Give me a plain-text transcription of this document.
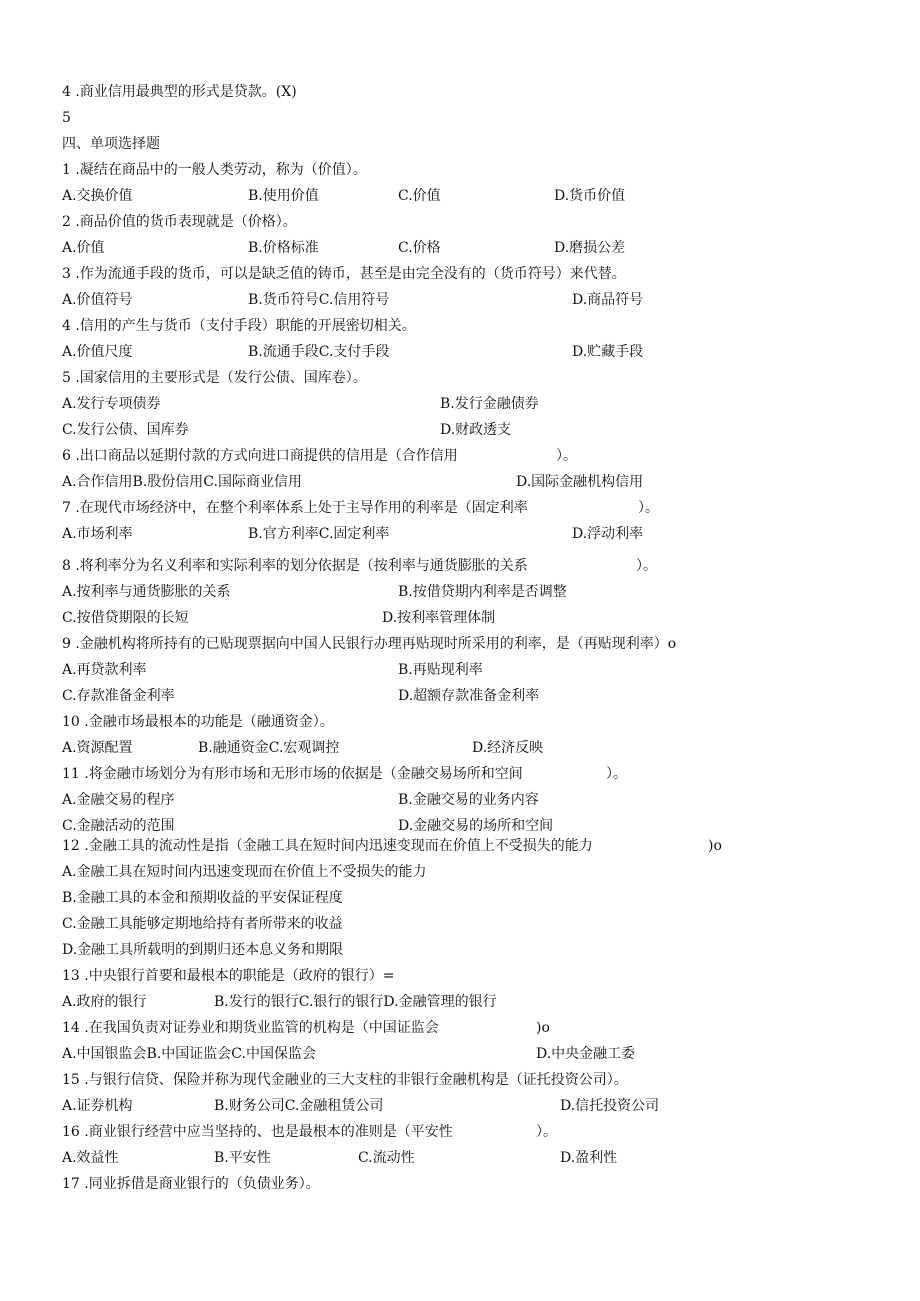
4 .商业信用最典型的形式是贷款。(X)
5
四、单项选择题
1 .凝结在商品中的一般人类劳动，称为（价值）。
A.交换价值	B.使用价值	C.价值	D.货币价值
2 .商品价值的货币表现就是（价格）。
A.价值	B.价格标准	C.价格	D.磨损公差
3 .作为流通手段的货币，可以是缺乏值的铸币，甚至是由完全没有的（货币符号）来代替。
A.价值符号	B.货币符号C.信用符号	D.商品符号
4 .信用的产生与货币（支付手段）职能的开展密切相关。
A.价值尺度	B.流通手段C.支付手段	D.贮藏手段
5 .国家信用的主要形式是（发行公债、国库卷）。
A.发行专项债券	B.发行金融债券
C.发行公债、国库券	D.财政透支
6 .出口商品以延期付款的方式向进口商提供的信用是（合作信用	）。
A.合作信用B.股份信用C.国际商业信用	D.国际金融机构信用
7 .在现代市场经济中，在整个利率体系上处于主导作用的利率是（固定利率	）。
A.市场利率	B.官方利率C.固定利率	D.浮动利率
8 .将利率分为名义利率和实际利率的划分依据是（按利率与通货膨胀的关系	）。
A.按利率与通货膨胀的关系	B.按借贷期内利率是否调整
C.按借贷期限的长短	D.按利率管理体制
9 .金融机构将所持有的已贴现票据向中国人民银行办理再贴现时所采用的利率，是（再贴现利率）o
A.再贷款利率	B.再贴现利率
C.存款准备金利率	D.超额存款准备金利率
10 .金融市场最根本的功能是（融通资金）。
A.资源配置	B.融通资金C.宏观调控	D.经济反映
11 .将金融市场划分为有形市场和无形市场的依据是（金融交易场所和空间	）。
A.金融交易的程序	B.金融交易的业务内容
C.金融活动的范围	D.金融交易的场所和空间
12 .金融工具的流动性是指（金融工具在短时间内迅速变现而在价值上不受损失的能力	)o
A.金融工具在短时间内迅速变现而在价值上不受损失的能力
B.金融工具的本金和预期收益的平安保证程度
C.金融工具能够定期地给持有者所带来的收益
D.金融工具所载明的到期归还本息义务和期限
13 .中央银行首要和最根本的职能是（政府的银行）=
A.政府的银行	B.发行的银行C.银行的银行D.金融管理的银行
14 .在我国负责对证券业和期货业监管的机构是（中国证监会	)o
A.中国银监会B.中国证监会C.中国保监会	D.中央金融工委
15 .与银行信贷、保险并称为现代金融业的三大支柱的非银行金融机构是（证托投资公司）。
A.证券机构	B.财务公司C.金融租赁公司	D.信托投资公司
16 .商业银行经营中应当坚持的、也是最根本的准则是（平安性	）。
A.效益性	B.平安性	C.流动性	D.盈利性
17 .同业拆借是商业银行的（负债业务）。
